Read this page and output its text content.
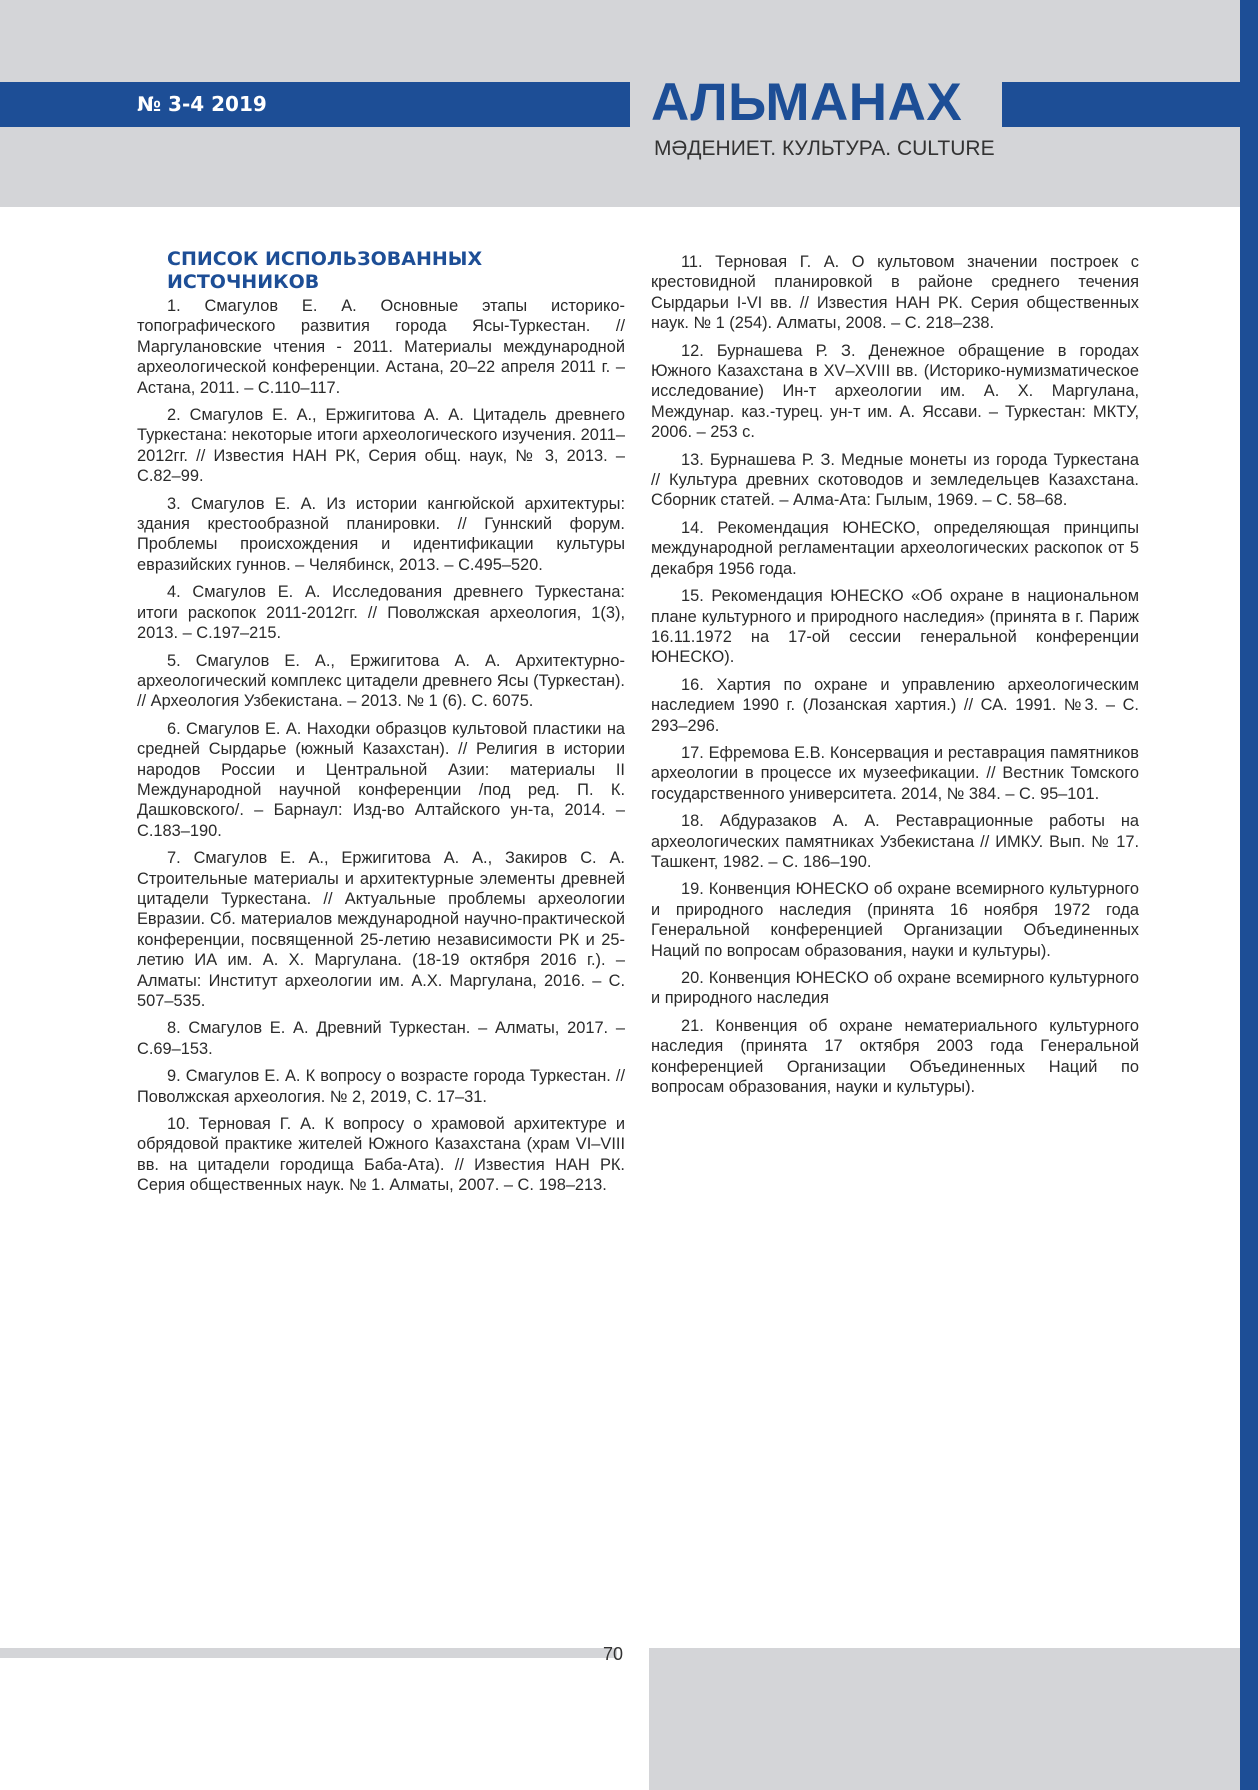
№ 3-4 2019	АЛЬМАНАХ
МӘДЕНИЕТ. КУЛЬТУРА. CULTURE
СПИСОК ИСПОЛЬЗОВАННЫХ
ИСТОЧНИКОВ

1. Смагулов Е. А. Основные этапы историко-топографического развития города Ясы-Туркестан. // Маргулановские чтения - 2011. Материалы международной археологической конференции. Астана, 20–22 апреля 2011 г. – Астана, 2011. – С.110–117.

2. Смагулов Е. А., Ержигитова А. А. Цитадель древнего Туркестана: некоторые итоги археологического изучения. 2011–2012гг. // Известия НАН РК, Серия общ. наук, № 3, 2013. – С.82–99.

3. Смагулов Е. А. Из истории кангюйской архитектуры: здания крестообразной планировки. // Гуннский форум. Проблемы происхождения и идентификации культуры евразийских гуннов. – Челябинск, 2013. – С.495–520.

4. Смагулов Е. А. Исследования древнего Туркестана: итоги раскопок 2011-2012гг. // Поволжская археология, 1(3), 2013. – С.197–215.

5. Смагулов Е. А., Ержигитова А. А. Архитектурно-археологический комплекс цитадели древнего Ясы (Туркестан). // Археология Узбекистана. – 2013. № 1 (6). С. 6075.

6. Смагулов Е. А. Находки образцов культовой пластики на средней Сырдарье (южный Казахстан). // Религия в истории народов России и Центральной Азии: материалы II Международной научной конференции /под ред. П. К. Дашковского/. – Барнаул: Изд-во Алтайского ун-та, 2014. – С.183–190.

7. Смагулов Е. А., Ержигитова А. А., Закиров С. А. Строительные материалы и архитектурные элементы древней цитадели Туркестана. // Актуальные проблемы археологии Евразии. Сб. материалов международной научно-практической конференции, посвященной 25-летию независимости РК и 25-летию ИА им. А. Х. Маргулана. (18-19 октября 2016 г.). – Алматы: Институт археологии им. А.Х. Маргулана, 2016. – С. 507–535.

8. Смагулов Е. А. Древний Туркестан. – Алматы, 2017. – С.69–153.

9. Смагулов Е. А. К вопросу о возрасте города Туркестан. // Поволжская археология. № 2, 2019, С. 17–31.

10. Терновая Г. А. К вопросу о храмовой архитектуре и обрядовой практике жителей Южного Казахстана (храм VI–VIII вв. на цитадели городища Баба-Ата). // Известия НАН РК. Серия общественных наук. № 1. Алматы, 2007. – С. 198–213.

11. Терновая Г. А. О культовом значении построек с крестовидной планировкой в районе среднего течения Сырдарьи I-VI вв. // Известия НАН РК. Серия общественных наук. № 1 (254). Алматы, 2008. – С. 218–238.

12. Бурнашева Р. З. Денежное обращение в городах Южного Казахстана в XV–XVIII вв. (Историко-нумизматическое исследование) Ин-т археологии им. А. Х. Маргулана, Междунар. каз.-турец. ун-т им. А. Яссави. – Туркестан: МКТУ, 2006. – 253 с.

13. Бурнашева Р. З. Медные монеты из города Туркестана // Культура древних скотоводов и земледельцев Казахстана. Сборник статей. – Алма-Ата: Гылым, 1969. – С. 58–68.

14. Рекомендация ЮНЕСКО, определяющая принципы международной регламентации археологических раскопок от 5 декабря 1956 года.

15. Рекомендация ЮНЕСКО «Об охране в национальном плане культурного и природного наследия» (принята в г. Париж 16.11.1972 на 17-ой сессии генеральной конференции ЮНЕСКО).

16. Хартия по охране и управлению археологическим наследием 1990 г. (Лозанская хартия.) // СА. 1991. №3. – С. 293–296.

17. Ефремова Е.В. Консервация и реставрация памятников археологии в процессе их музеефикации. // Вестник Томского государственного университета. 2014, № 384. – С. 95–101.

18. Абдуразаков А. А. Реставрационные работы на археологических памятниках Узбекистана // ИМКУ. Вып. № 17. Ташкент, 1982. – С. 186–190.

19. Конвенция ЮНЕСКО об охране всемирного культурного и природного наследия (принята 16 ноября 1972 года Генеральной конференцией Организации Объединенных Наций по вопросам образования, науки и культуры).

20. Конвенция ЮНЕСКО об охране всемирного культурного и природного наследия

21. Конвенция об охране нематериального культурного наследия (принята 17 октября 2003 года Генеральной конференцией Организации Объединенных Наций по вопросам образования, науки и культуры).

70
